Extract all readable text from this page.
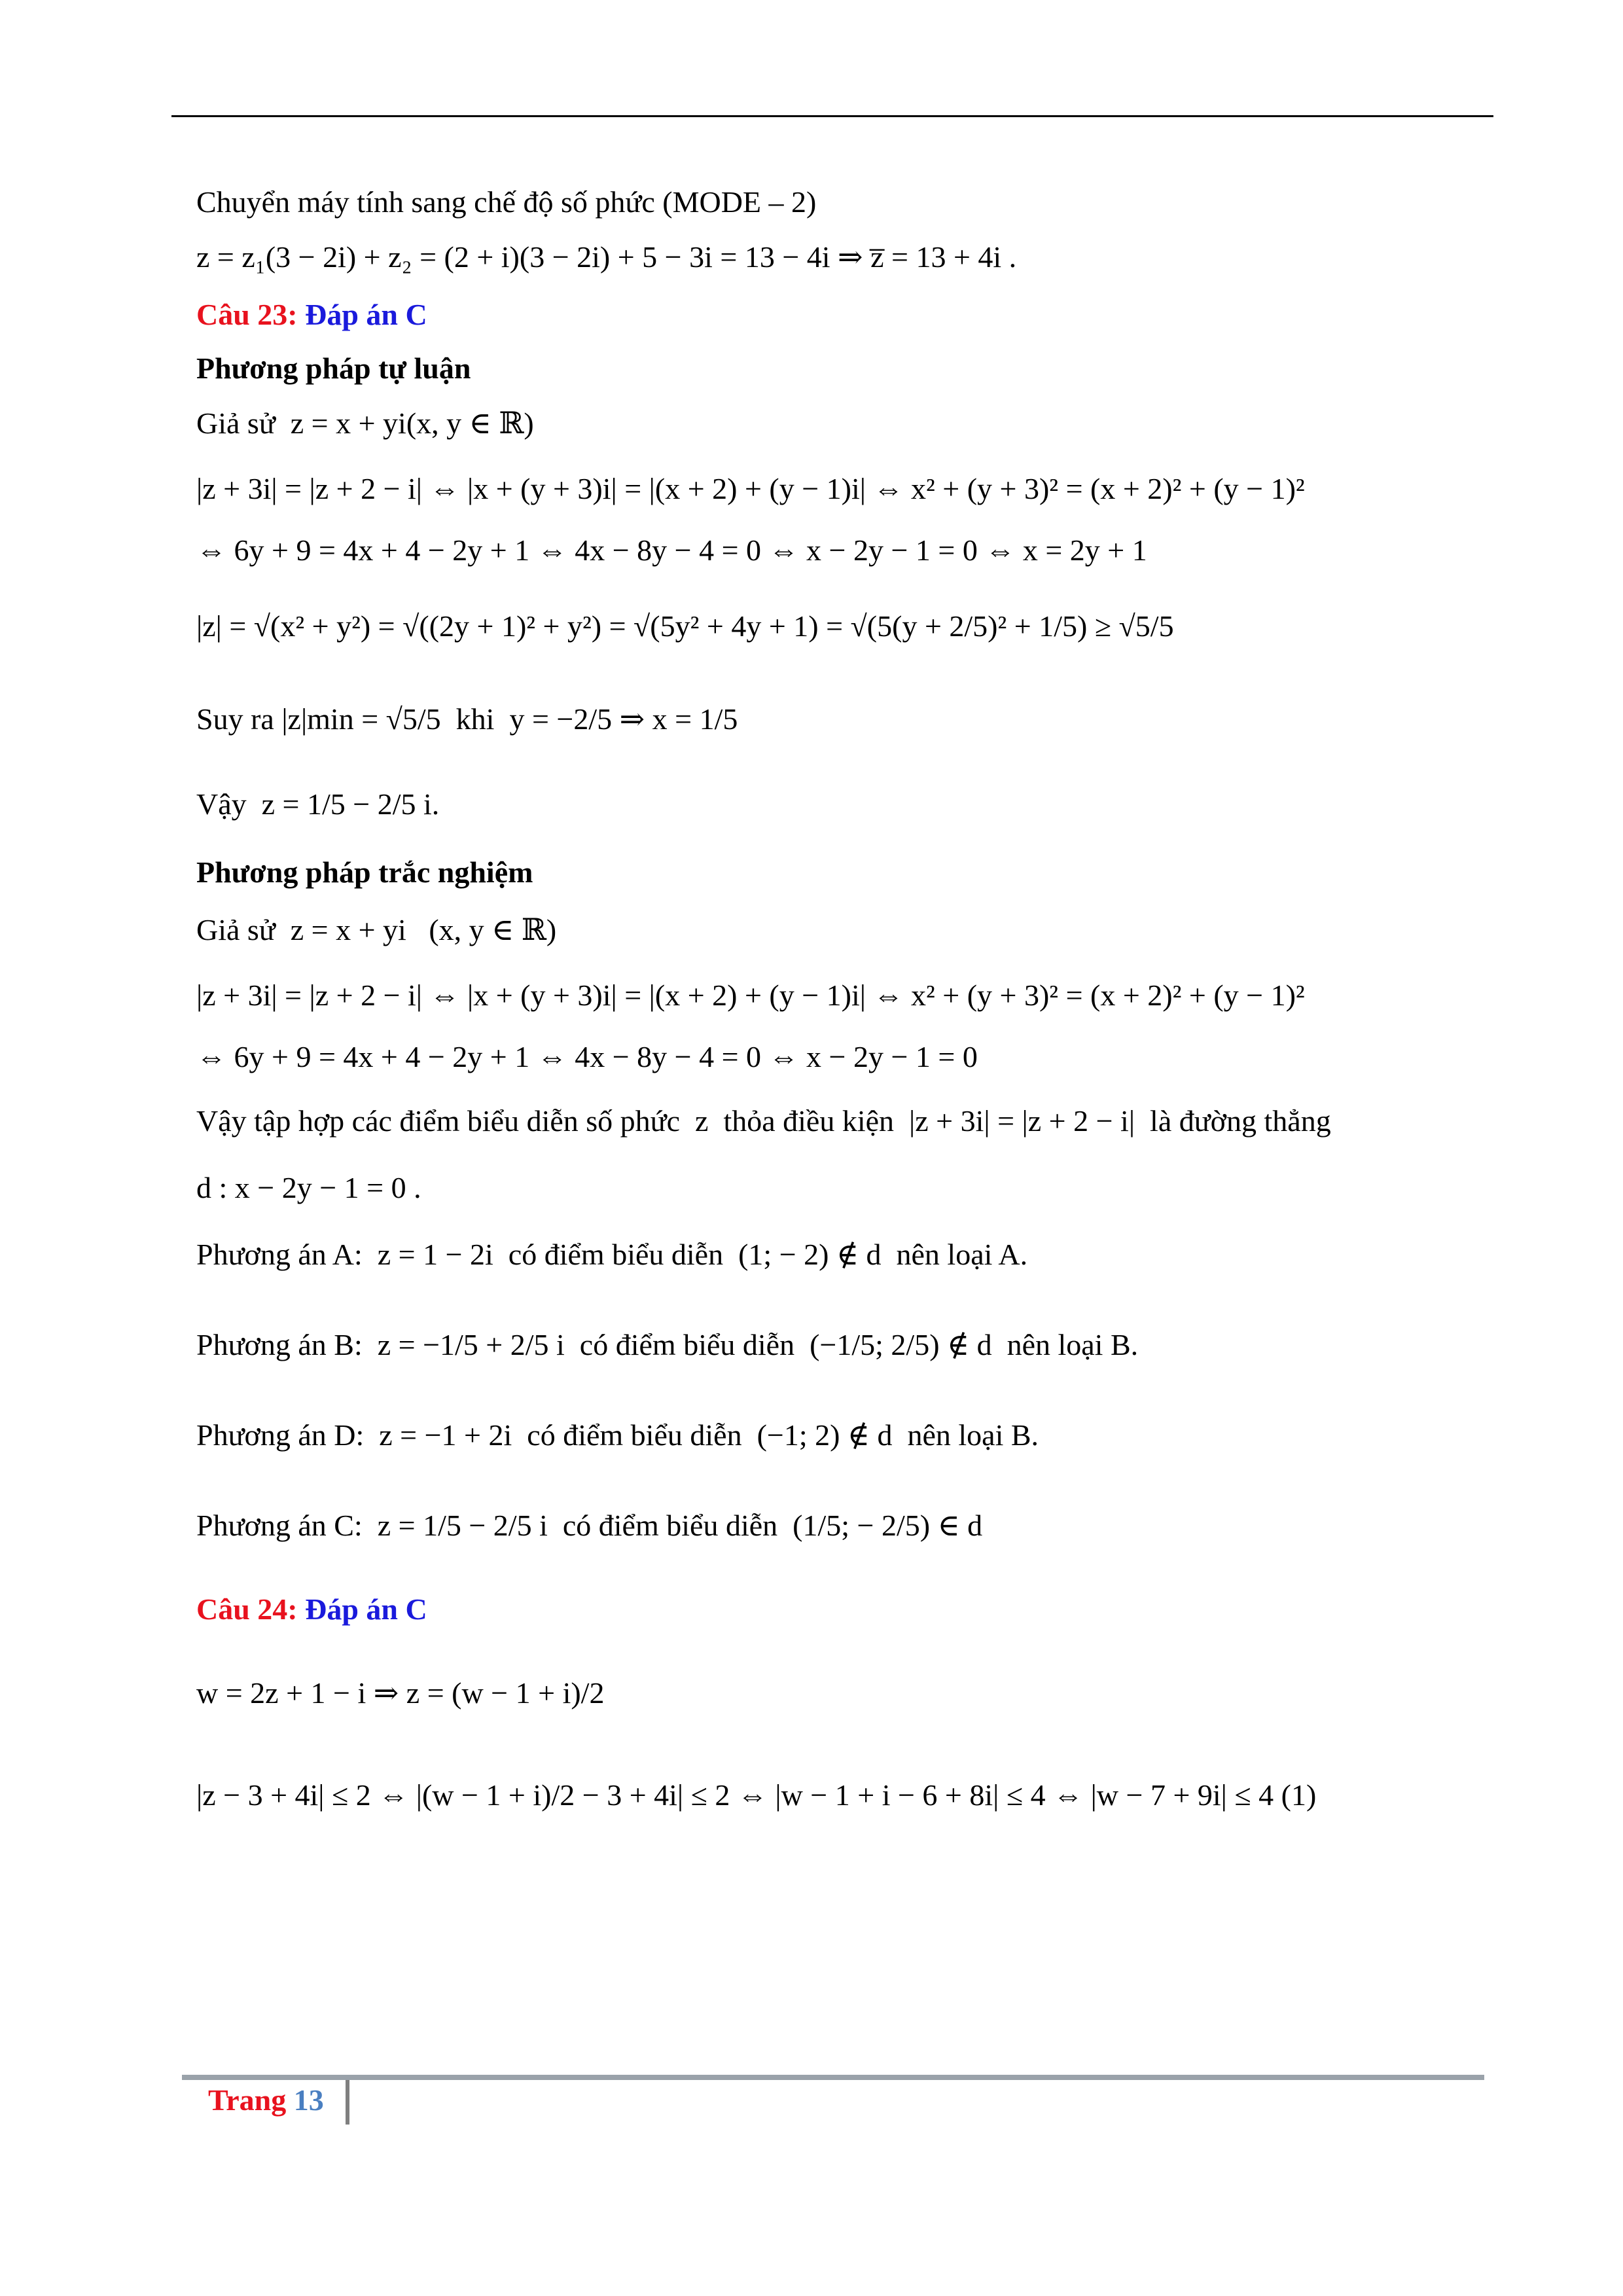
Chuyển máy tính sang chế độ số phức (MODE – 2)
z = z₁(3 − 2i) + z₂ = (2 + i)(3 − 2i) + 5 − 3i = 13 − 4i ⇒ z̅ = 13 + 4i .
Câu 23: Đáp án C
Phương pháp tự luận
Giả sử  z = x + yi(x, y ∈ ℝ)
|z + 3i| = |z + 2 − i| ⇔ |x + (y + 3)i| = |(x + 2) + (y − 1)i| ⇔ x² + (y + 3)² = (x + 2)² + (y − 1)²
⇔ 6y + 9 = 4x + 4 − 2y + 1 ⇔ 4x − 8y − 4 = 0 ⇔ x − 2y − 1 = 0 ⇔ x = 2y + 1
|z| = √(x² + y²) = √((2y + 1)² + y²) = √(5y² + 4y + 1) = √(5(y + 2/5)² + 1/5) ≥ √5/5
Suy ra |z|min = √5/5  khi  y = −2/5 ⇒ x = 1/5
Vậy  z = 1/5 − 2/5 i.
Phương pháp trắc nghiệm
Giả sử  z = x + yi   (x, y ∈ ℝ)
|z + 3i| = |z + 2 − i| ⇔ |x + (y + 3)i| = |(x + 2) + (y − 1)i| ⇔ x² + (y + 3)² = (x + 2)² + (y − 1)²
⇔ 6y + 9 = 4x + 4 − 2y + 1 ⇔ 4x − 8y − 4 = 0 ⇔ x − 2y − 1 = 0
Vậy tập hợp các điểm biểu diễn số phức  z  thỏa điều kiện  |z + 3i| = |z + 2 − i|  là đường thẳng
d : x − 2y − 1 = 0 .
Phương án A:  z = 1 − 2i  có điểm biểu diễn  (1; − 2) ∉ d  nên loại A.
Phương án B:  z = −1/5 + 2/5 i  có điểm biểu diễn  (−1/5; 2/5) ∉ d  nên loại B.
Phương án D:  z = −1 + 2i  có điểm biểu diễn  (−1; 2) ∉ d  nên loại B.
Phương án C:  z = 1/5 − 2/5 i  có điểm biểu diễn  (1/5; − 2/5) ∈ d
Câu 24: Đáp án C
w = 2z + 1 − i ⇒ z = (w − 1 + i)/2
|z − 3 + 4i| ≤ 2 ⇔ |(w − 1 + i)/2 − 3 + 4i| ≤ 2 ⇔ |w − 1 + i − 6 + 8i| ≤ 4 ⇔ |w − 7 + 9i| ≤ 4 (1)
Trang 13
